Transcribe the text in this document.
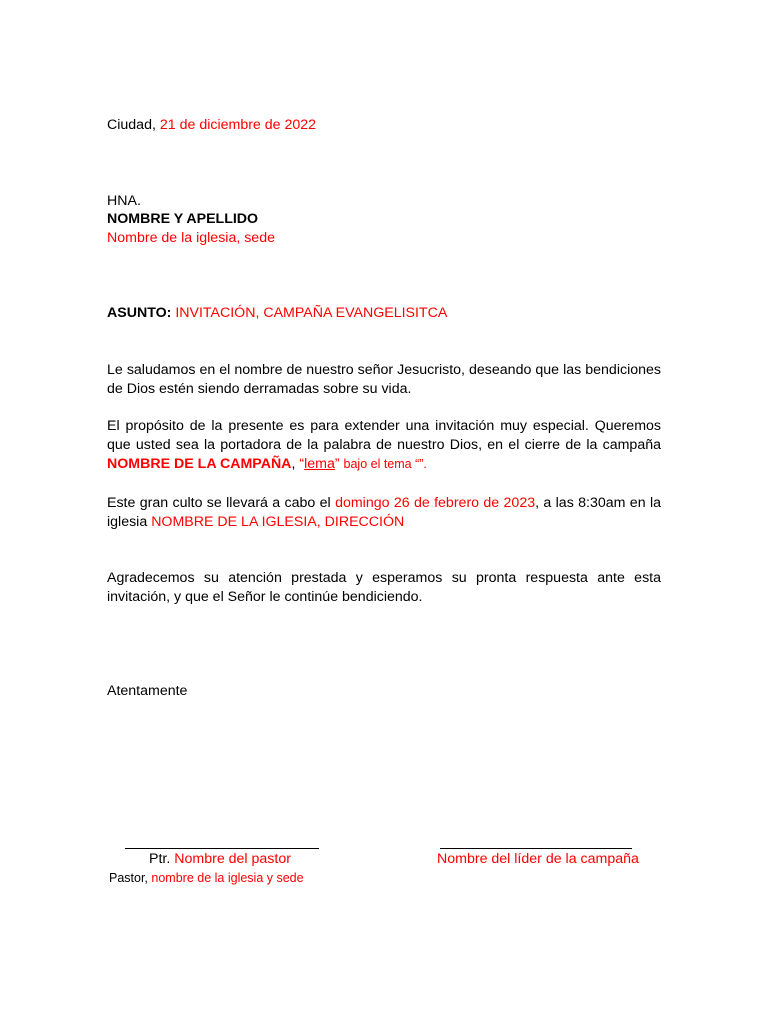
Ciudad, 21 de diciembre de 2022
HNA.
NOMBRE Y APELLIDO
Nombre de la iglesia, sede
ASUNTO: INVITACIÓN, CAMPAÑA EVANGELISITCA
Le saludamos en el nombre de nuestro señor Jesucristo, deseando que las bendiciones de Dios estén siendo derramadas sobre su vida.
El propósito de la presente es para extender una invitación muy especial. Queremos que usted sea la portadora de la palabra de nuestro Dios, en el cierre de la campaña NOMBRE DE LA CAMPAÑA, “lema” bajo el tema “”.
Este gran culto se llevará a cabo el domingo 26 de febrero de 2023, a las 8:30am en la iglesia NOMBRE DE LA IGLESIA, DIRECCIÓN
Agradecemos su atención prestada y esperamos su pronta respuesta ante esta invitación, y que el Señor le continúe bendiciendo.
Atentamente
Ptr. Nombre del pastor
Pastor, nombre de la iglesia y sede
Nombre del líder de la campaña
